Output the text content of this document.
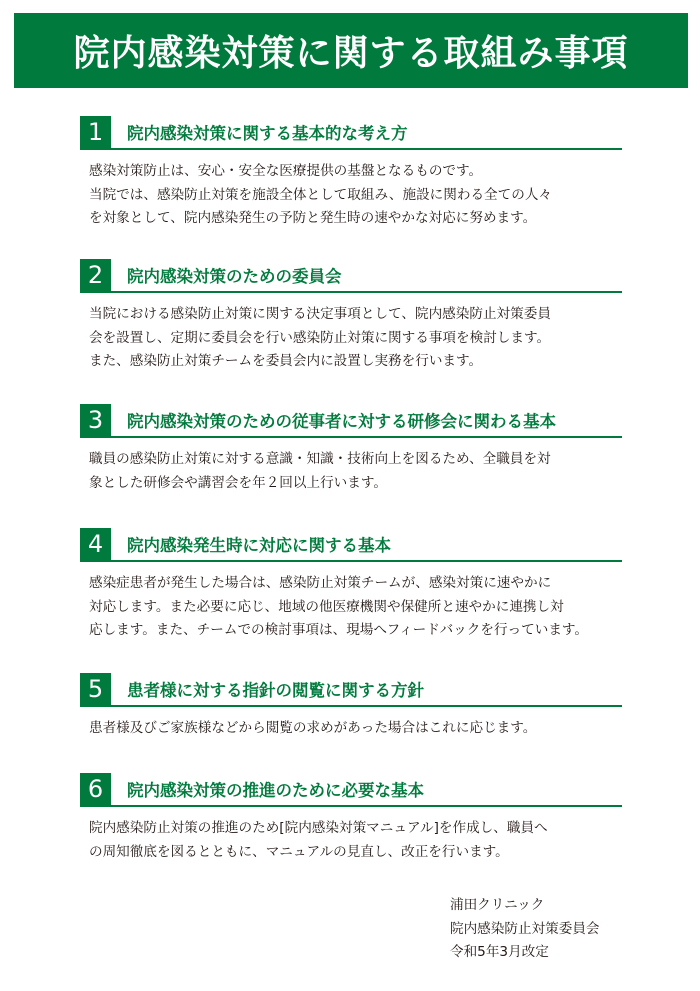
院内感染対策に関する取組み事項
1	院内感染対策に関する基本的な考え方
感染対策防止は、安心・安全な医療提供の基盤となるものです。
当院では、感染防止対策を施設全体として取組み、施設に関わる全ての人々
を対象として、院内感染発生の予防と発生時の速やかな対応に努めます。
2	院内感染対策のための委員会
当院における感染防止対策に関する決定事項として、院内感染防止対策委員
会を設置し、定期に委員会を行い感染防止対策に関する事項を検討します。
また、感染防止対策チームを委員会内に設置し実務を行います。
3	院内感染対策のための従事者に対する研修会に関わる基本
職員の感染防止対策に対する意識・知識・技術向上を図るため、全職員を対
象とした研修会や講習会を年２回以上行います。
4	院内感染発生時に対応に関する基本
感染症患者が発生した場合は、感染防止対策チームが、感染対策に速やかに
対応します。また必要に応じ、地域の他医療機関や保健所と速やかに連携し対
応します。また、チームでの検討事項は、現場へフィードバックを行っています。
5	患者様に対する指針の閲覧に関する方針
患者様及びご家族様などから閲覧の求めがあった場合はこれに応じます。
6	院内感染対策の推進のために必要な基本
院内感染防止対策の推進のため[院内感染対策マニュアル]を作成し、職員へ
の周知徹底を図るとともに、マニュアルの見直し、改正を行います。
浦田クリニック
院内感染防止対策委員会
令和5年3月改定
